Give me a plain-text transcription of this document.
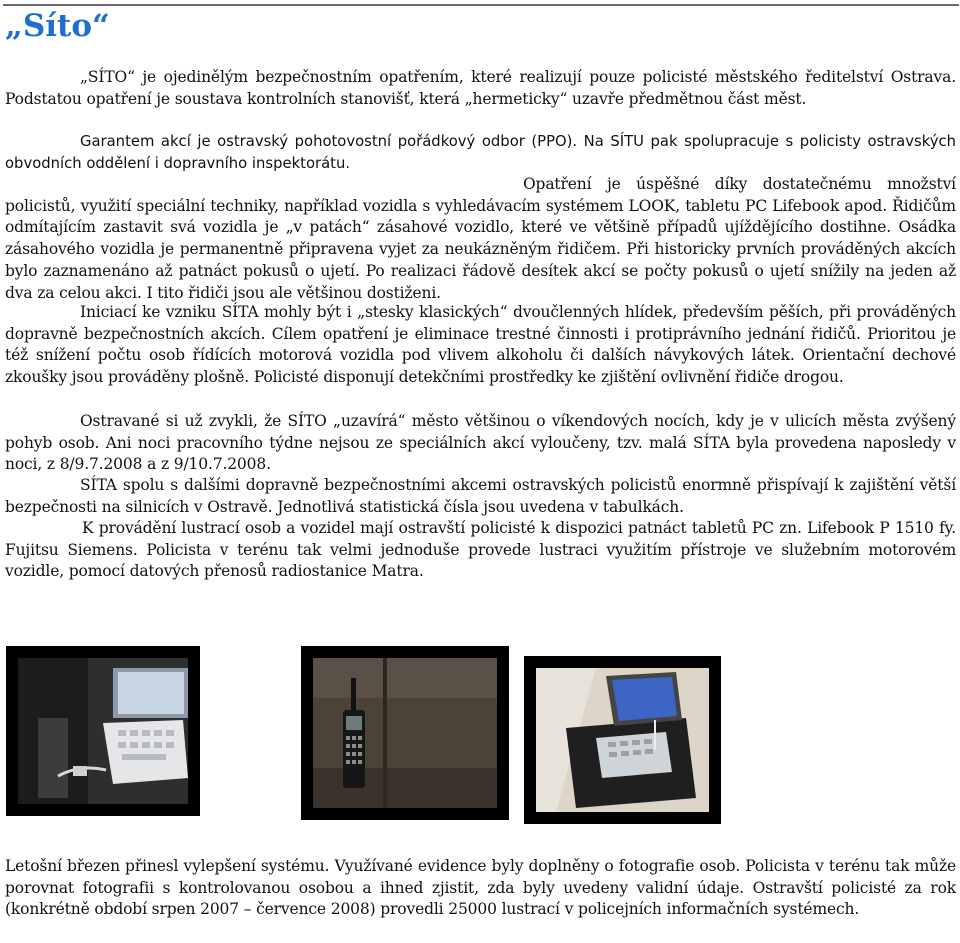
„Síto“

„SÍTO“ je ojedinělým bezpečnostním opatřením, které realizují pouze policisté městského ředitelství Ostrava. Podstatou opatření je soustava kontrolních stanovišť, která „hermeticky“ uzavře předmětnou část měst.

Garantem akcí je ostravský pohotovostní pořádkový odbor (PPO). Na SÍTU pak spolupracuje s policisty ostravských obvodních oddělení i dopravního inspektorátu.

Opatření je úspěšné díky dostatečnému množství policistů, využití speciální techniky, například vozidla s vyhledávacím systémem LOOK, tabletu PC Lifebook apod. Řidičům odmítajícím zastavit svá vozidla je „v patách“ zásahové vozidlo, které ve většině případů ujíždějícího dostihne. Osádka zásahového vozidla je permanentně připravena vyjet za neukázněným řidičem. Při historicky prvních prováděných akcích bylo zaznamenáno až patnáct pokusů o ujetí. Po realizaci řádově desítek akcí se počty pokusů o ujetí snížily na jeden až dva za celou akci. I tito řidiči jsou ale většinou dostiženi.

Iniciací ke vzniku SÍTA mohly být i „stesky klasických“ dvoučlenných hlídek, především pěších, při prováděných dopravně bezpečnostních akcích. Cílem opatření je eliminace trestné činnosti i protiprávního jednání řidičů. Prioritou je též snížení počtu osob řídících motorová vozidla pod vlivem alkoholu či dalších návykových látek. Orientační dechové zkoušky jsou prováděny plošně. Policisté disponují detekčními prostředky ke zjištění ovlivnění řidiče drogou.

Ostravané si už zvykli, že SÍTO „uzavírá“ město většinou o víkendových nocích, kdy je v ulicích města zvýšený pohyb osob. Ani noci pracovního týdne nejsou ze speciálních akcí vyloučeny, tzv. malá SÍTA byla provedena naposledy v noci, z 8/9.7.2008 a z 9/10.7.2008.

SÍTA spolu s dalšími dopravně bezpečnostními akcemi ostravských policistů enormně přispívají k zajištění větší bezpečnosti na silnicích v Ostravě. Jednotlivá statistická čísla jsou uvedena v tabulkách.

K provádění lustrací osob a vozidel mají ostravští policisté k dispozici patnáct tabletů PC zn. Lifebook P 1510 fy. Fujitsu Siemens. Policista v terénu tak velmi jednoduše provede lustraci využitím přístroje ve služebním motorovém vozidle, pomocí datových přenosů radiostanice Matra.

Letošní březen přinesl vylepšení systému. Využívané evidence byly doplněny o fotografie osob. Policista v terénu tak může porovnat fotografii s kontrolovanou osobou a ihned zjistit, zda byly uvedeny validní údaje. Ostravští policisté za rok (konkrétně období srpen 2007 – července 2008) provedli 25000 lustrací v policejních informačních systémech.
